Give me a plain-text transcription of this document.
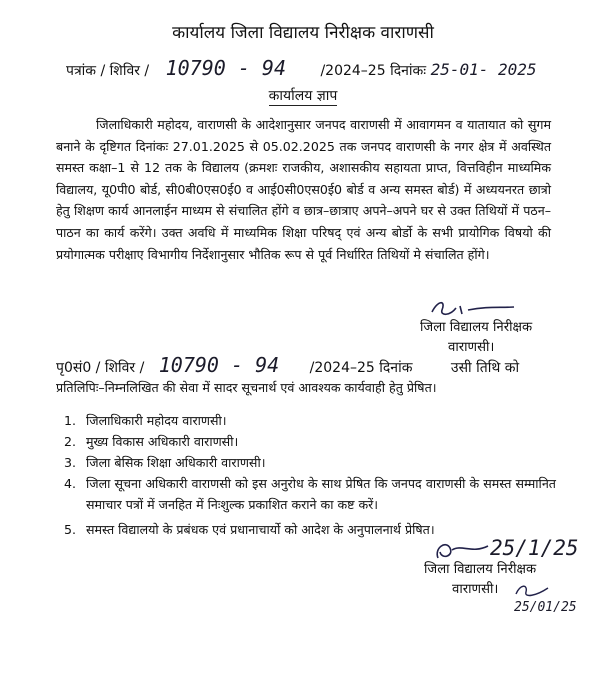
कार्यालय जिला विद्यालय निरीक्षक वाराणसी
पत्रांक / शिविर / 10790 - 94 /2024–25 दिनांकः 25-01- 2025
कार्यालय ज्ञाप

जिलाधिकारी महोदय, वाराणसी के आदेशानुसार जनपद वाराणसी में आवागमन व यातायात को सुगम बनाने के दृष्टिगत दिनांकः 27.01.2025 से 05.02.2025 तक जनपद वाराणसी के नगर क्षेत्र में अवस्थित समस्त कक्षा–1 से 12 तक के विद्यालय (क्रमशः राजकीय, अशासकीय सहायता प्राप्त, वित्तविहीन माध्यमिक विद्यालय, यू0पी0 बोर्ड, सी0बी0एस0ई0 व आई0सी0एस0ई0 बोर्ड व अन्य समस्त बोर्ड) में अध्ययनरत छात्रो हेतु शिक्षण कार्य आनलाईन माध्यम से संचालित होंगे व छात्र–छात्राए अपने–अपने घर से उक्त तिथियों में पठन–पाठन का कार्य करेंगे। उक्त अवधि में माध्यमिक शिक्षा परिषद् एवं अन्य बोर्डो के सभी प्रायोगिक विषयो की प्रयोगात्मक परीक्षाए विभागीय निर्देशानुसार भौतिक रूप से पूर्व निर्धारित तिथियों मे संचालित होंगे।

जिला विद्यालय निरीक्षक
वाराणसी।
पृ0सं0 / शिविर / 10790 - 94 /2024–25 दिनांक	उसी तिथि को
प्रतिलिपिः–निम्नलिखित की सेवा में सादर सूचनार्थ एवं आवश्यक कार्यवाही हेतु प्रेषित।
1. जिलाधिकारी महोदय वाराणसी।
2. मुख्य विकास अधिकारी वाराणसी।
3. जिला बेसिक शिक्षा अधिकारी वाराणसी।
4. जिला सूचना अधिकारी वाराणसी को इस अनुरोध के साथ प्रेषित कि जनपद वाराणसी के समस्त सम्मानित समाचार पत्रों में जनहित में निःशुल्क प्रकाशित कराने का कष्ट करें।
5. समस्त विद्यालयो के प्रबंधक एवं प्रधानाचार्यो को आदेश के अनुपालनार्थ प्रेषित।
25/1/25
जिला विद्यालय निरीक्षक
वाराणसी।
25/01/25
